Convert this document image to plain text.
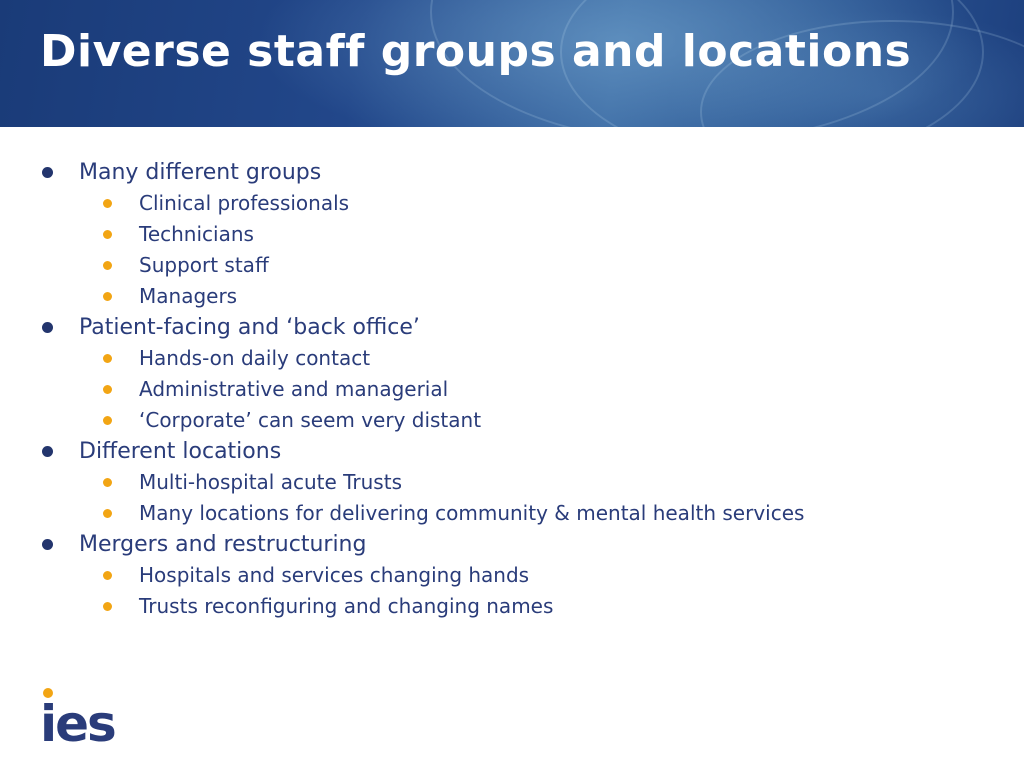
Diverse staff groups and locations
Many different groups
Clinical professionals
Technicians
Support staff
Managers
Patient-facing and ‘back office’
Hands-on daily contact
Administrative and managerial
‘Corporate’ can seem very distant
Different locations
Multi-hospital acute Trusts
Many locations for delivering community & mental health services
Mergers and restructuring
Hospitals and services changing hands
Trusts reconfiguring and changing names
ies
